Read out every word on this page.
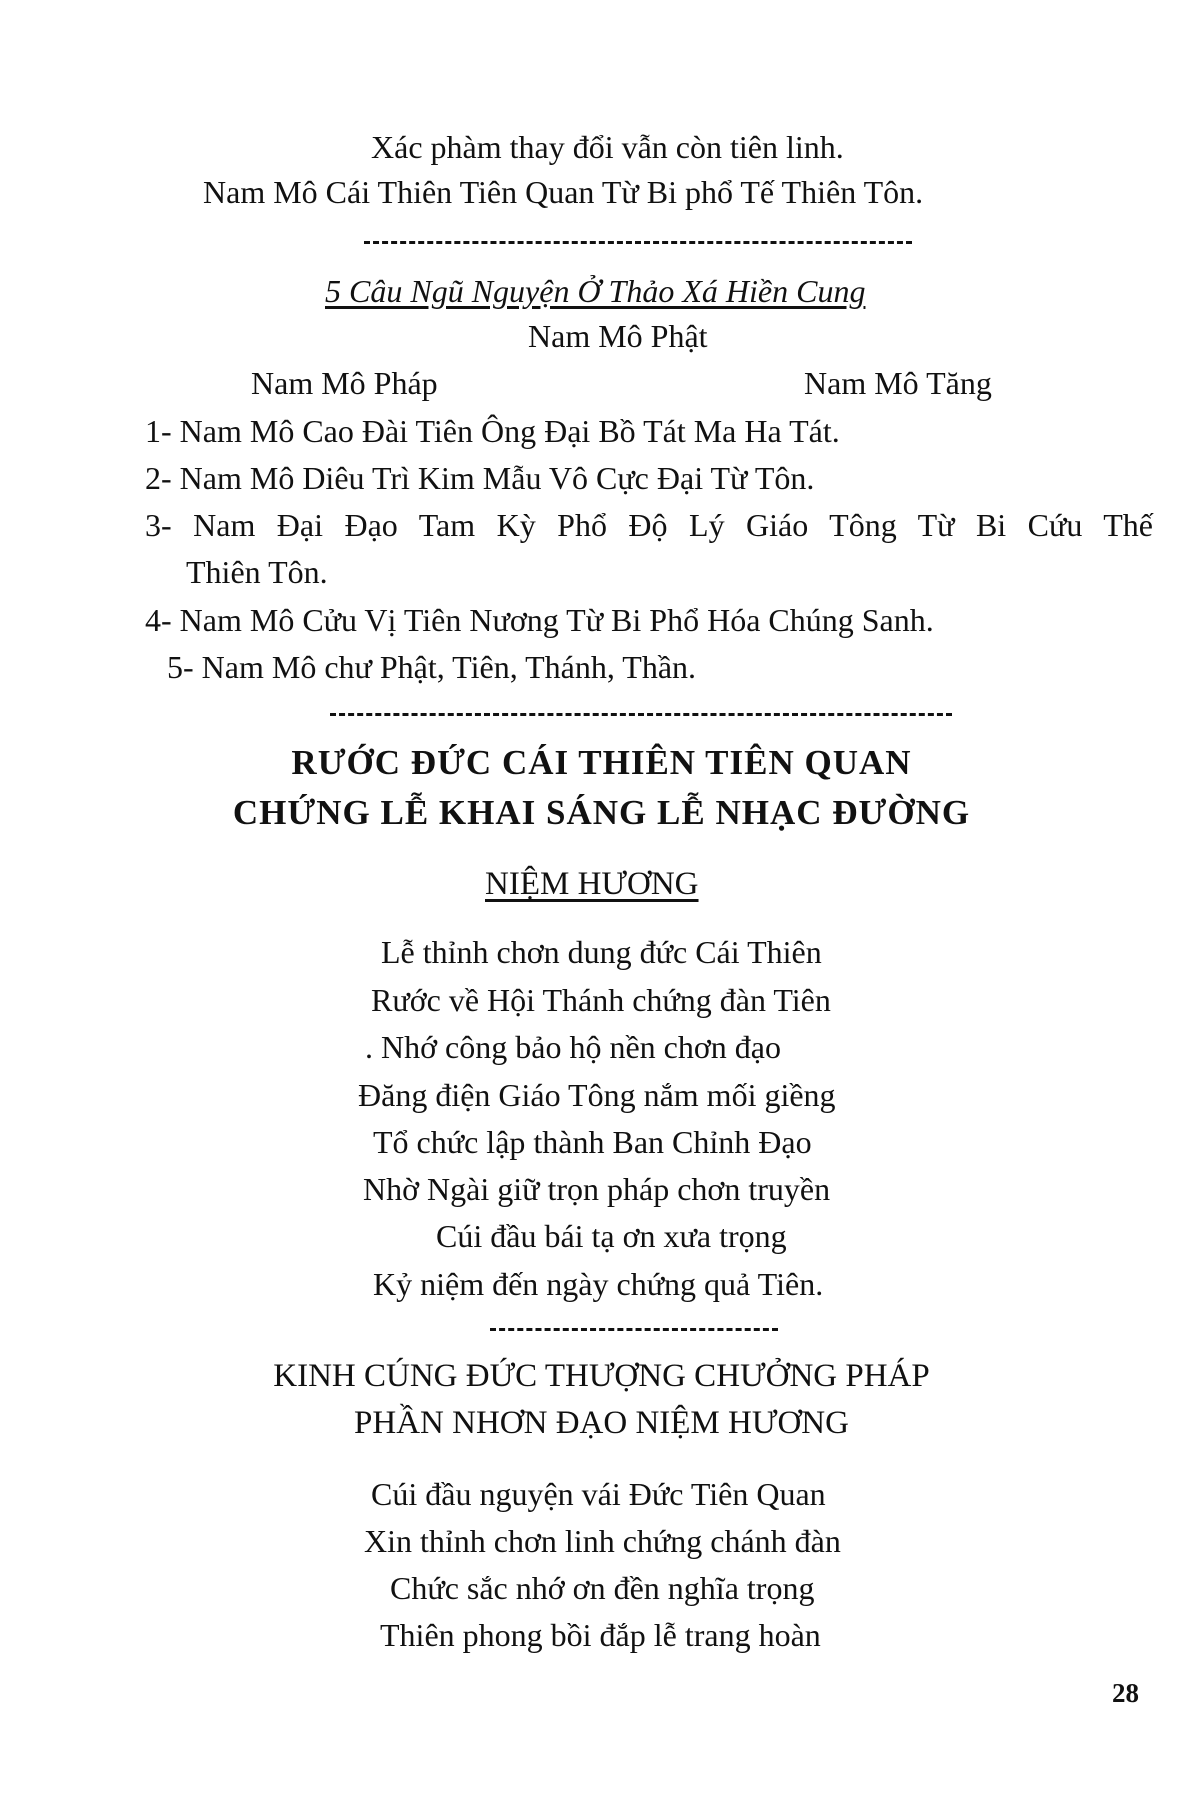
Xác phàm thay đổi vẫn còn tiên linh.
Nam Mô Cái Thiên Tiên Quan Từ Bi phổ Tế Thiên Tôn.
5 Câu Ngũ Nguyện Ở Thảo Xá Hiền Cung
Nam Mô Phật
Nam Mô Pháp	Nam Mô Tăng
1- Nam Mô Cao Đài Tiên Ông Đại Bồ Tát Ma Ha Tát.
2- Nam Mô Diêu Trì Kim Mẫu Vô Cực Đại Từ Tôn.
3- Nam Đại Đạo Tam Kỳ Phổ Độ Lý Giáo Tông Từ Bi Cứu Thế
Thiên Tôn.
4- Nam Mô Cửu Vị Tiên Nương Từ Bi Phổ Hóa Chúng Sanh.
5- Nam Mô chư Phật, Tiên, Thánh, Thần.
RƯỚC ĐỨC CÁI THIÊN TIÊN QUAN
CHỨNG LỄ KHAI SÁNG LỄ NHẠC ĐƯỜNG
NIỆM HƯƠNG
Lễ thỉnh chơn dung đức Cái Thiên
Rước về Hội Thánh chứng đàn Tiên
. Nhớ công bảo hộ nền chơn đạo
Đăng điện Giáo Tông nắm mối giềng
Tổ chức lập thành Ban Chỉnh Đạo
Nhờ Ngài giữ trọn pháp chơn truyền
Cúi đầu bái tạ ơn xưa trọng
Kỷ niệm đến ngày chứng quả Tiên.
KINH CÚNG ĐỨC THƯỢNG CHƯỞNG PHÁP
PHẦN NHƠN ĐẠO NIỆM HƯƠNG
Cúi đầu nguyện vái Đức Tiên Quan
Xin thỉnh chơn linh chứng chánh đàn
Chức sắc nhớ ơn đền nghĩa trọng
Thiên phong bồi đắp lễ trang hoàn
28
